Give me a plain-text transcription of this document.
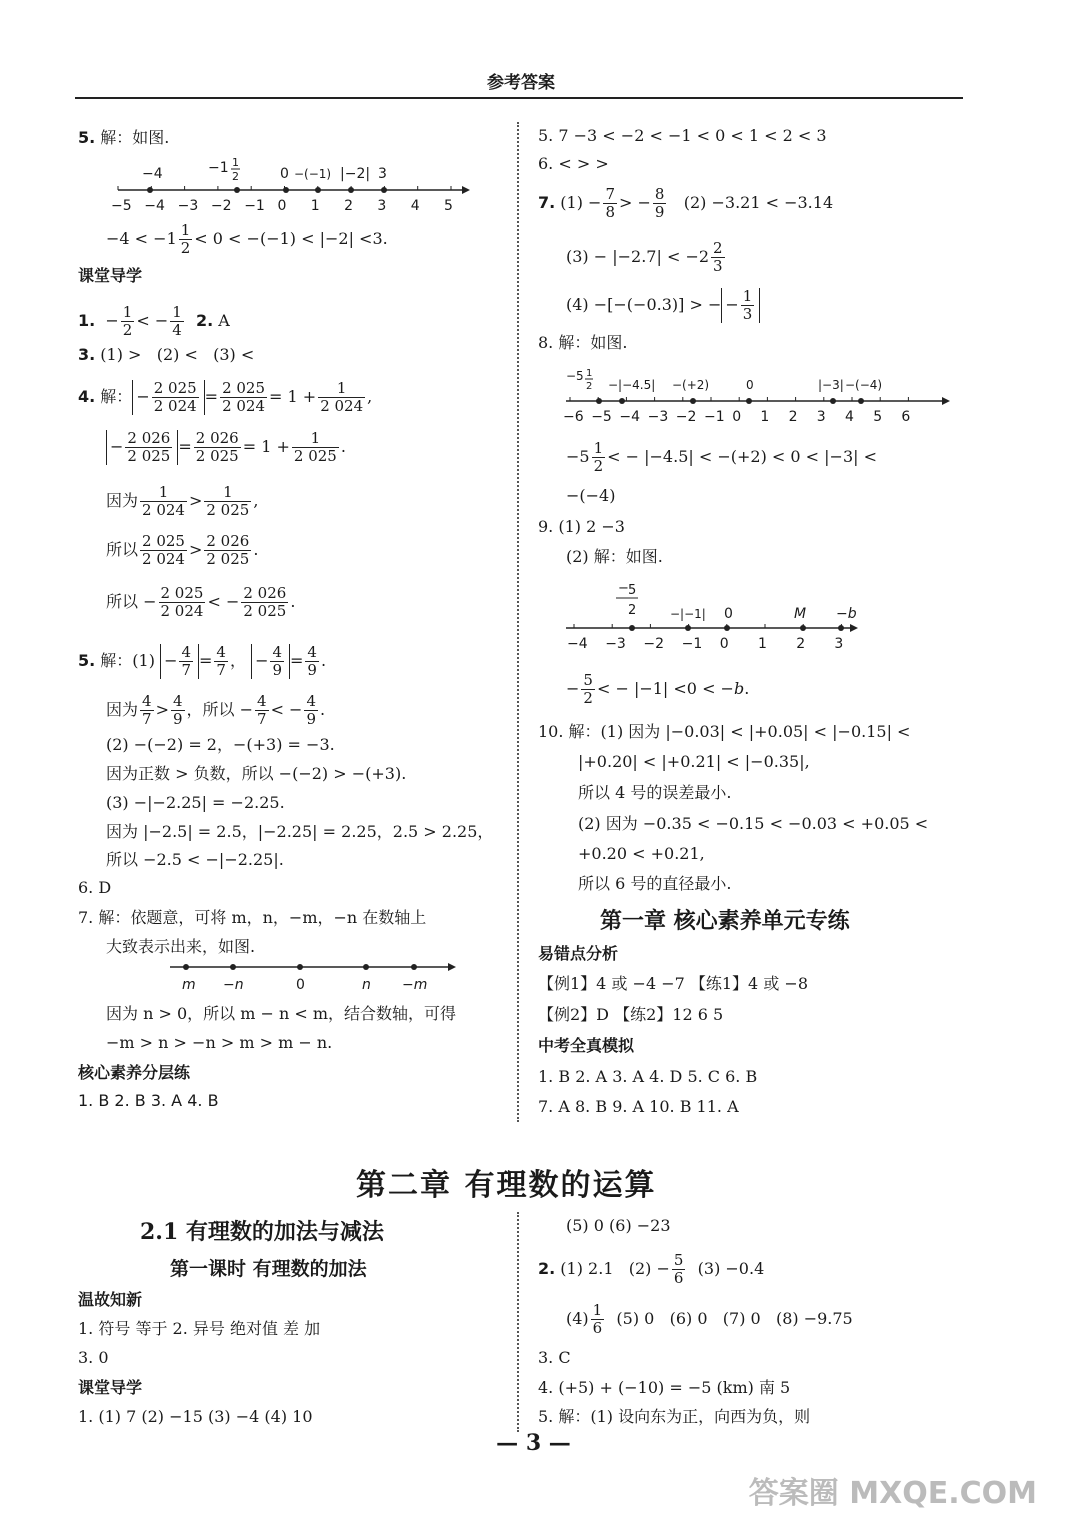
参考答案
5. 解：如图.
−5 −4 −3 −2 −1 0 1 2 3 4 5
−4	−1 1
2	0 −(−1) |−2| 3
$-4 < -1 \frac{1}{2} < 0 < -(-1) < |-2| <3$.
课堂导学
1.  − $\frac{1}{2}$ < − $\frac{1}{4} 2$. A
3. (1) >   (2) <   (3) <
4. 解： − $\frac{2 025}{2 024} = \frac{2 025}{2 024} = 1 + \frac{1}{2 024}$ ,
− $\frac{2 026}{2 025} = \frac{2 026}{2 025} = 1 + \frac{1}{2 025}$ .
因为 $\frac{1}{2 024} > \frac{1}{2 025}$ ,
所以 $\frac{2 025}{2 024} > \frac{2 026}{2 025}$ .
所以 − $\frac{2 025}{2 024}$ < − $\frac{2 026}{2 025}$ .
5. 解：$(1) - \frac{4}{7} = \frac{4}{7}$ ， − $\frac{4}{9} = \frac{4}{9}$ .
因为 $\frac{4}{7} > \frac{4}{9}$ ，所以 − $\frac{4}{7}$ < − $\frac{4}{9}$ .
(2) −(−2) = 2，−(+3) = −3.
因为正数 > 负数，所以 −(−2) > −(+3).
(3) −|−2.25| = −2.25.
因为 |−2.5| = 2.5，|−2.25| = 2.25，2.5 > 2.25，
所以 −2.5 < −|−2.25|.
6. D
7. 解：依题意，可将 m，n，−m，−n 在数轴上
大致表示出来，如图.
m −n	0	n −m
因为 n > 0，所以 m − n < m，结合数轴，可得
−m > n > −n > m > m − n.
核心素养分层练
1. B 2. B 3. A 4. B
5. 7 −3 < −2 < −1 < 0 < 1 < 2 < 3
6. < > >
7. $(1) - \frac{7}{8}$ > − $\frac{8}{9} (2) -3.21 < -3.14$
$(3) - |-2.7| < -2 \frac{2}{3}$
(4) −[−(−0.3)] > − − $\frac{1}{3}$
8. 解：如图.
−6 −5 −4 −3 −2 −1 0 1 2 3 4 5 6
−5 1
2 −|−4.5| −(+2)	0	|−3| −(−4)
$-5 \frac{1}{2}$ < − |−4.5| < −(+2) < 0 < |−3| <
−(−4)
9. (1) 2 −3
(2) 解：如图.
−4 −3 −2 −1 0 1 2 3
5
−
2	−|−1| 0	M −b
− $\frac{5}{2}$ < − |−1| <0 < −b.
10. 解：(1) 因为 |−0.03| < |+0.05| < |−0.15| <
|+0.20| < |+0.21| < |−0.35|,
所以 4 号的误差最小.
(2) 因为 −0.35 < −0.15 < −0.03 < +0.05 <
+0.20 < +0.21,
所以 6 号的直径最小.
第一章 核心素养单元专练
易错点分析
【例1】4 或 −4 −7 【练1】4 或 −8
【例2】D 【练2】12 6 5
中考全真模拟
1. B 2. A 3. A 4. D 5. C 6. B
7. A 8. B 9. A 10. B 11. A
第二章 有理数的运算
2.1 有理数的加法与减法
第一课时 有理数的加法
温故知新
1. 符号 等于 2. 异号 绝对值 差 加
3. 0
课堂导学
1. (1) 7 (2) −15 (3) −4 (4) 10
(5) 0 (6) −23
2. (1) 2.1   $(2) - \frac{5}{6} (3) -0.4$
$(4) \frac{1}{6} (5)$ 0   (6) 0   (7) 0   (8) −9.75
3. C
4. (+5) + (−10) = −5 (km) 南 5
5. 解：(1) 设向东为正，向西为负，则
— 3 —
答案圈 MXQE.COM
